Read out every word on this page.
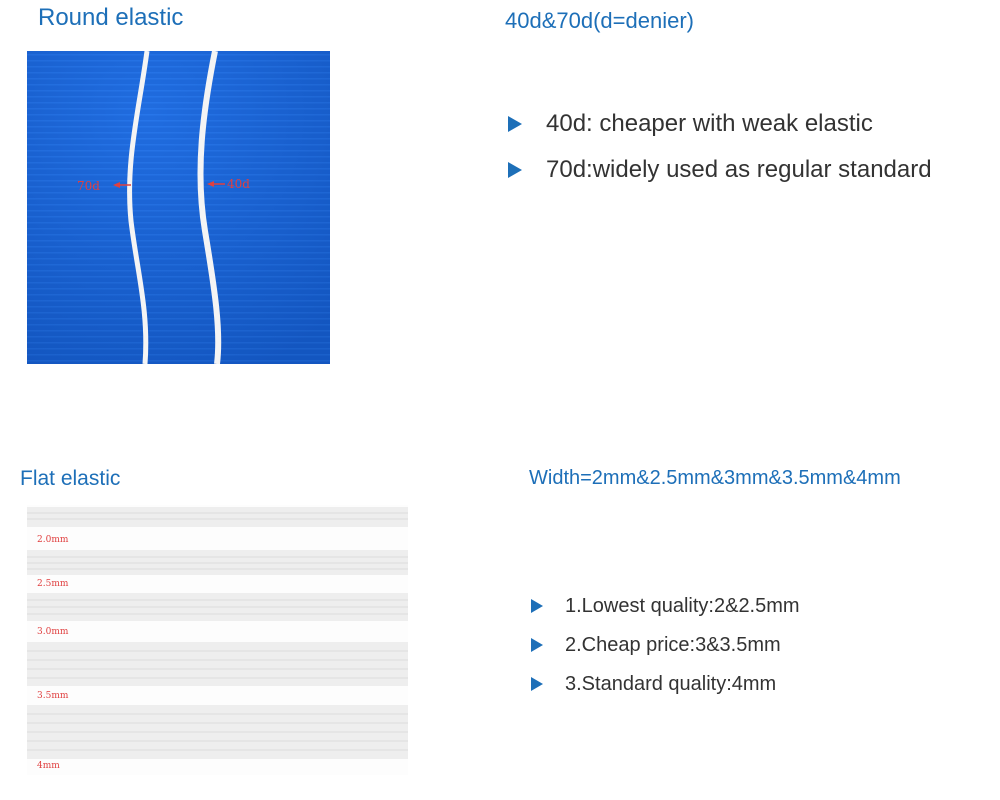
Round elastic
70d	40d
40d&70d(d=denier)
40d: cheaper with weak elastic
70d:widely used as regular standard
Flat elastic
2.0mm
2.5mm
3.0mm
3.5mm
4mm
Width=2mm&2.5mm&3mm&3.5mm&4mm
1.Lowest quality:2&2.5mm
2.Cheap price:3&3.5mm
3.Standard quality:4mm
